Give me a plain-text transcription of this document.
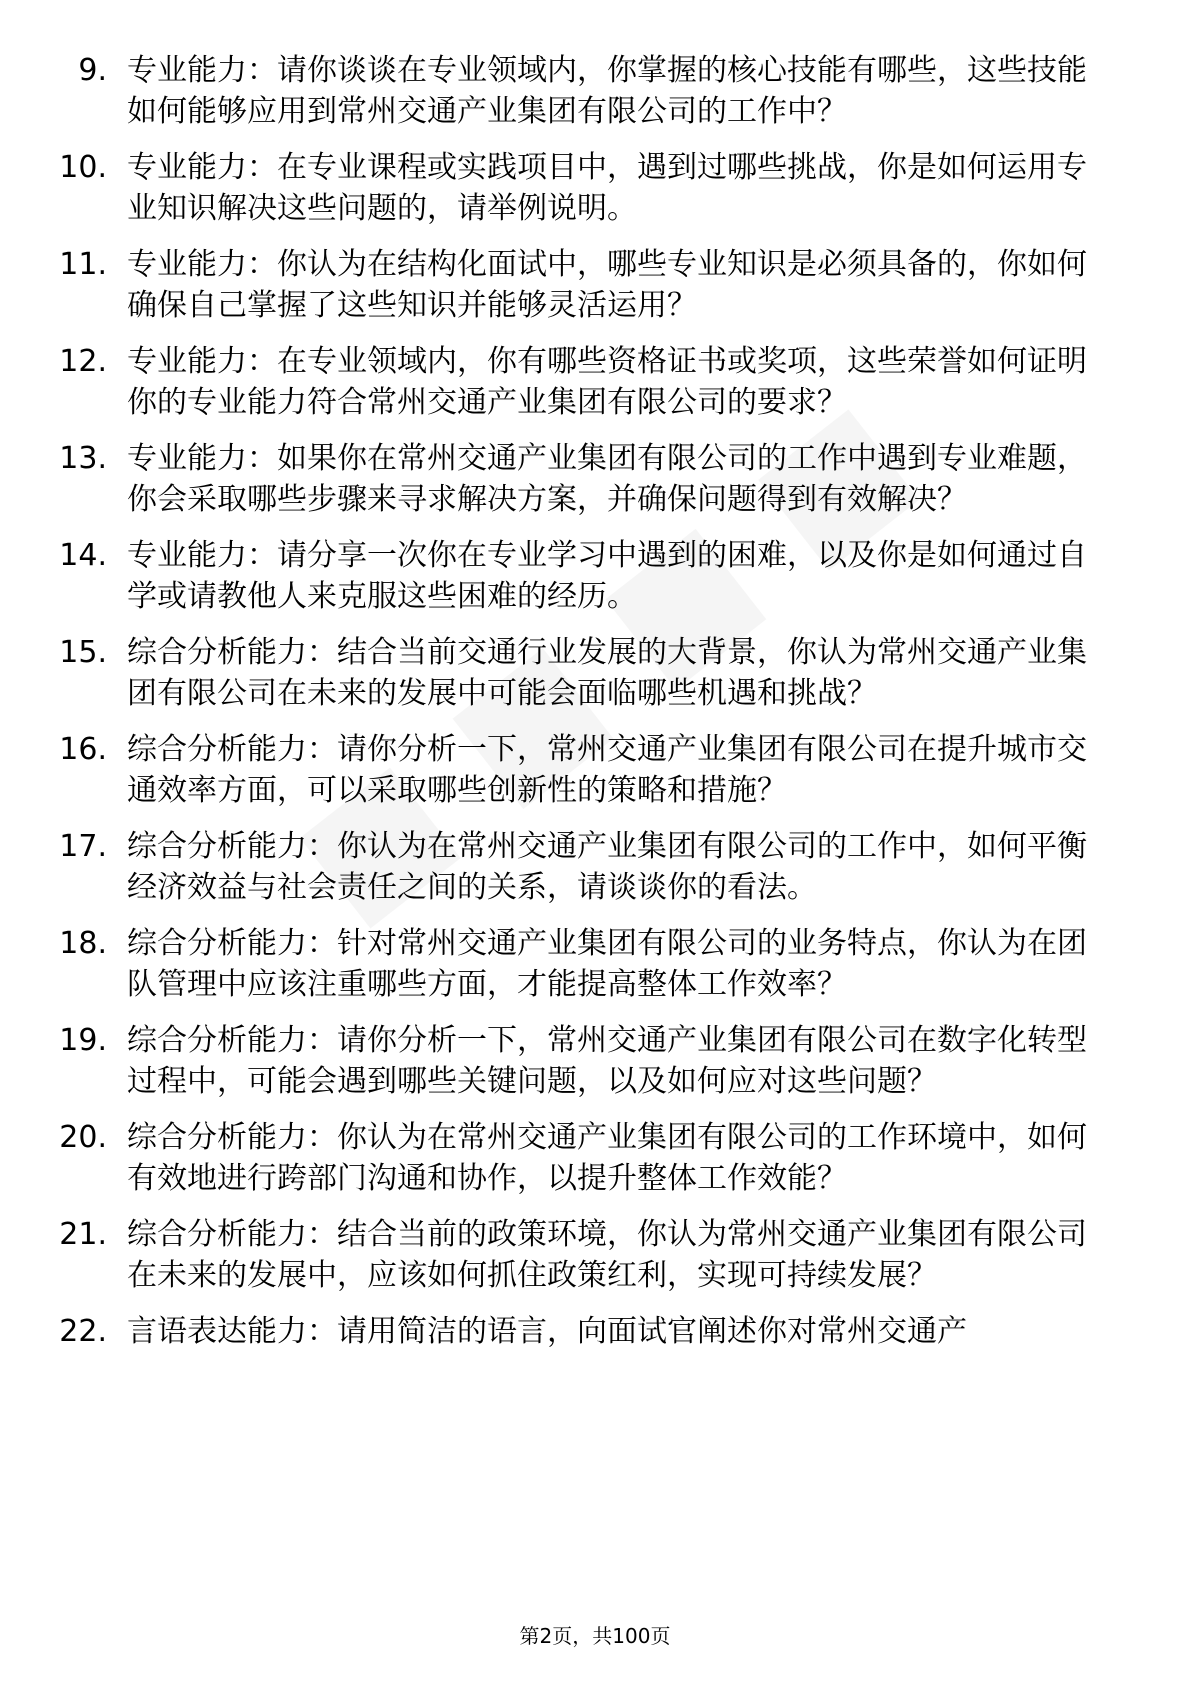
9. 专业能力：请你谈谈在专业领域内，你掌握的核心技能有哪些，这些技能如何能够应用到常州交通产业集团有限公司的工作中？
10. 专业能力：在专业课程或实践项目中，遇到过哪些挑战，你是如何运用专业知识解决这些问题的，请举例说明。
11. 专业能力：你认为在结构化面试中，哪些专业知识是必须具备的，你如何确保自己掌握了这些知识并能够灵活运用？
12. 专业能力：在专业领域内，你有哪些资格证书或奖项，这些荣誉如何证明你的专业能力符合常州交通产业集团有限公司的要求？
13. 专业能力：如果你在常州交通产业集团有限公司的工作中遇到专业难题，你会采取哪些步骤来寻求解决方案，并确保问题得到有效解决？
14. 专业能力：请分享一次你在专业学习中遇到的困难，以及你是如何通过自学或请教他人来克服这些困难的经历。
15. 综合分析能力：结合当前交通行业发展的大背景，你认为常州交通产业集团有限公司在未来的发展中可能会面临哪些机遇和挑战？
16. 综合分析能力：请你分析一下，常州交通产业集团有限公司在提升城市交通效率方面，可以采取哪些创新性的策略和措施？
17. 综合分析能力：你认为在常州交通产业集团有限公司的工作中，如何平衡经济效益与社会责任之间的关系，请谈谈你的看法。
18. 综合分析能力：针对常州交通产业集团有限公司的业务特点，你认为在团队管理中应该注重哪些方面，才能提高整体工作效率？
19. 综合分析能力：请你分析一下，常州交通产业集团有限公司在数字化转型过程中，可能会遇到哪些关键问题，以及如何应对这些问题？
20. 综合分析能力：你认为在常州交通产业集团有限公司的工作环境中，如何有效地进行跨部门沟通和协作，以提升整体工作效能？
21. 综合分析能力：结合当前的政策环境，你认为常州交通产业集团有限公司在未来的发展中，应该如何抓住政策红利，实现可持续发展？
22. 言语表达能力：请用简洁的语言，向面试官阐述你对常州交通产
第2页，共100页
